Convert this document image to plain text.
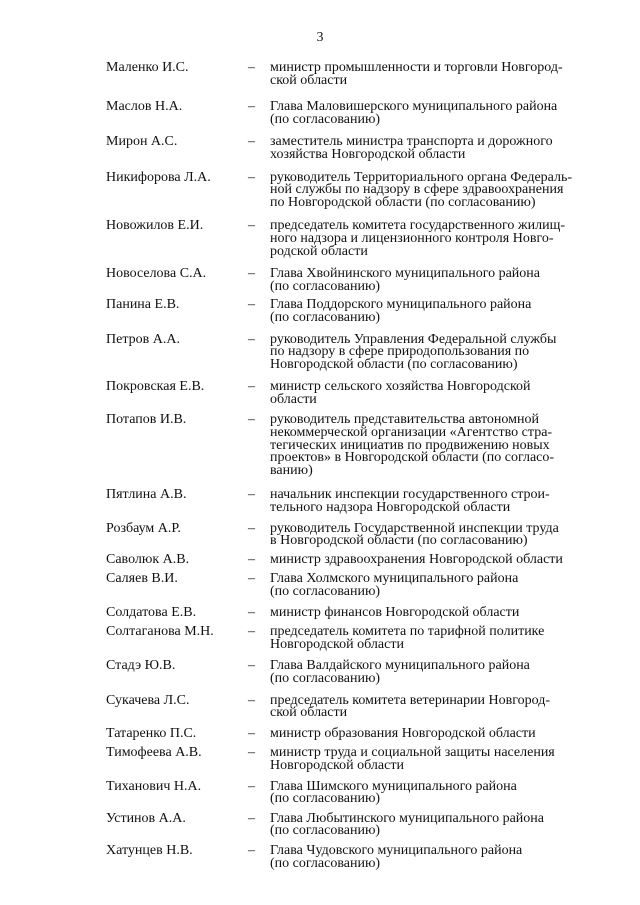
3
Маленко И.С.	– министр промышленности и торговли Новгород-
ской области
Маслов Н.А.	– Глава Маловишерского муниципального района
(по согласованию)
Мирон А.С.	– заместитель министра транспорта и дорожного
хозяйства Новгородской области
Никифорова Л.А.	– руководитель Территориального органа Федераль-
ной службы по надзору в сфере здравоохранения
по Новгородской области (по согласованию)
Новожилов Е.И.	– председатель комитета государственного жилищ-
ного надзора и лицензионного контроля Новго-
родской области
Новоселова С.А.	– Глава Хвойнинского муниципального района
(по согласованию)
Панина Е.В.	– Глава Поддорского муниципального района
(по согласованию)
Петров А.А.	– руководитель Управления Федеральной службы
по надзору в сфере природопользования по
Новгородской области (по согласованию)
Покровская Е.В.	– министр сельского хозяйства Новгородской
области
Потапов И.В.	– руководитель представительства автономной
некоммерческой организации «Агентство стра-
тегических инициатив по продвижению новых
проектов» в Новгородской области (по согласо-
ванию)
Пятлина А.В.	– начальник инспекции государственного строи-
тельного надзора Новгородской области
Розбаум А.Р.	– руководитель Государственной инспекции труда
в Новгородской области (по согласованию)
Саволюк А.В.	– министр здравоохранения Новгородской области
Саляев В.И.	– Глава Холмского муниципального района
(по согласованию)
Солдатова Е.В.	– министр финансов Новгородской области
Солтаганова М.Н. – председатель комитета по тарифной политике
Новгородской области
Стадэ Ю.В.	– Глава Валдайского муниципального района
(по согласованию)
Сукачева Л.С.	– председатель комитета ветеринарии Новгород-
ской области
Татаренко П.С.	– министр образования Новгородской области
Тимофеева А.В.	– министр труда и социальной защиты населения
Новгородской области
Тиханович Н.А.	– Глава Шимского муниципального района
(по согласованию)
Устинов А.А.	– Глава Любытинского муниципального района
(по согласованию)
Хатунцев Н.В.	– Глава Чудовского муниципального района
(по согласованию)
